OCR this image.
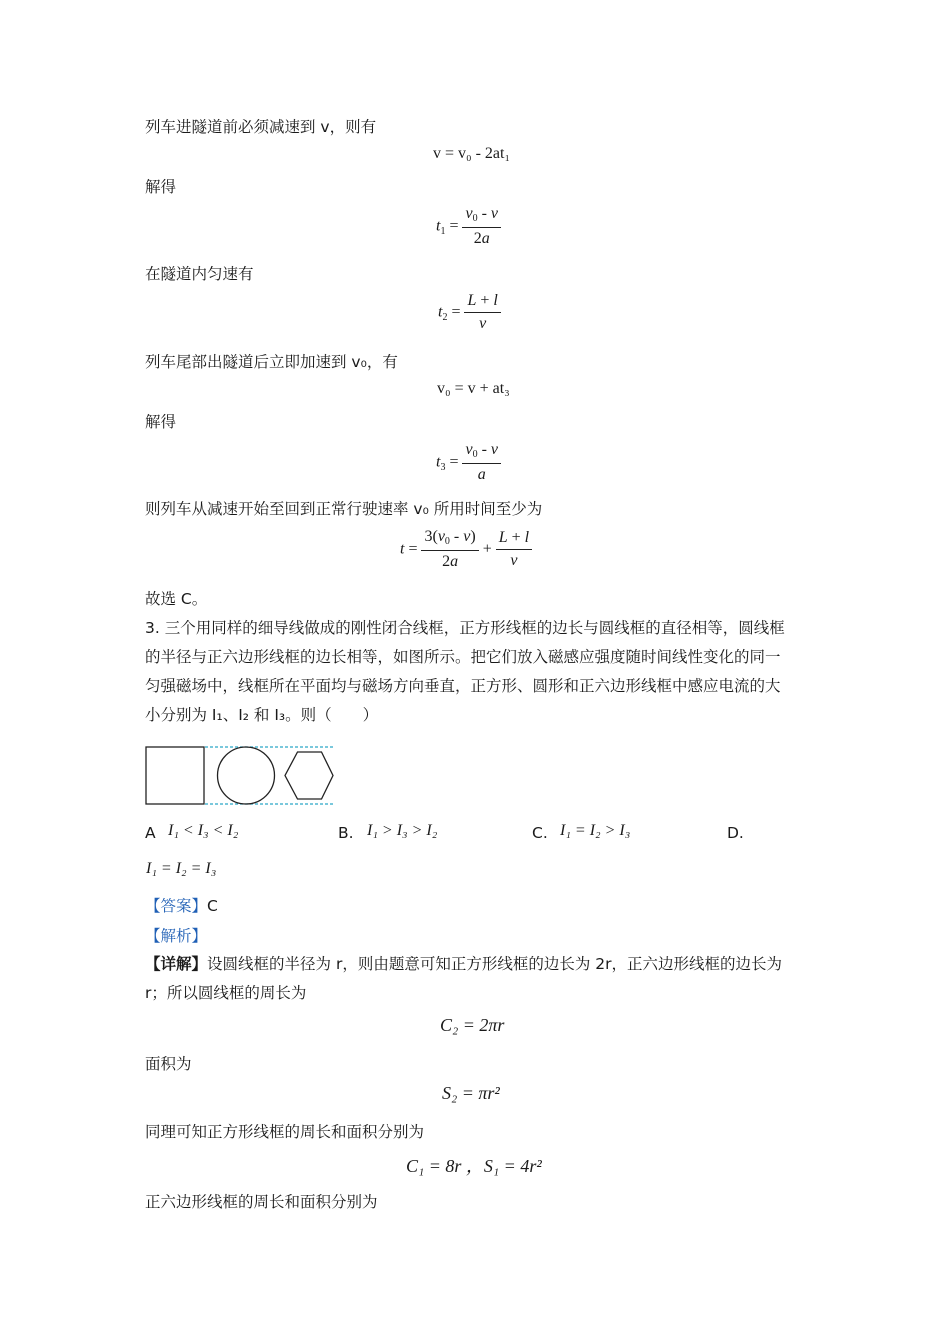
列车进隧道前必须减速到 v，则有
v = v₀ - 2at₁
解得
$t1 = \frac{v0 - v}{2a}$
在隧道内匀速有
$t2 = \frac{L + l}{v}$
列车尾部出隧道后立即加速到 v₀，有
v₀ = v + at₃
解得
$t3 = \frac{v0 - v}{a}$
则列车从减速开始至回到正常行驶速率 v₀ 所用时间至少为
$t = \frac{3(v0 - v)}{2a} + \frac{L + l}{v}$
故选 C。
3. 三个用同样的细导线做成的刚性闭合线框，正方形线框的边长与圆线框的直径相等，圆线框的半径与正六边形线框的边长相等，如图所示。把它们放入磁感应强度随时间线性变化的同一匀强磁场中，线框所在平面均与磁场方向垂直，正方形、圆形和正六边形线框中感应电流的大小分别为 I₁、I₂ 和 I₃。则（　　）
A I₁ < I₃ < I₂	B. I₁ > I₃ > I₂	C. I₁ = I₂ > I₃	D.
I₁ = I₂ = I₃
【答案】C
【解析】
【详解】设圆线框的半径为 r，则由题意可知正方形线框的边长为 2r，正六边形线框的边长为 r；所以圆线框的周长为
C₂ = 2πr
面积为
S₂ = πr²
同理可知正方形线框的周长和面积分别为
C₁ = 8r ，S₁ = 4r²
正六边形线框的周长和面积分别为
